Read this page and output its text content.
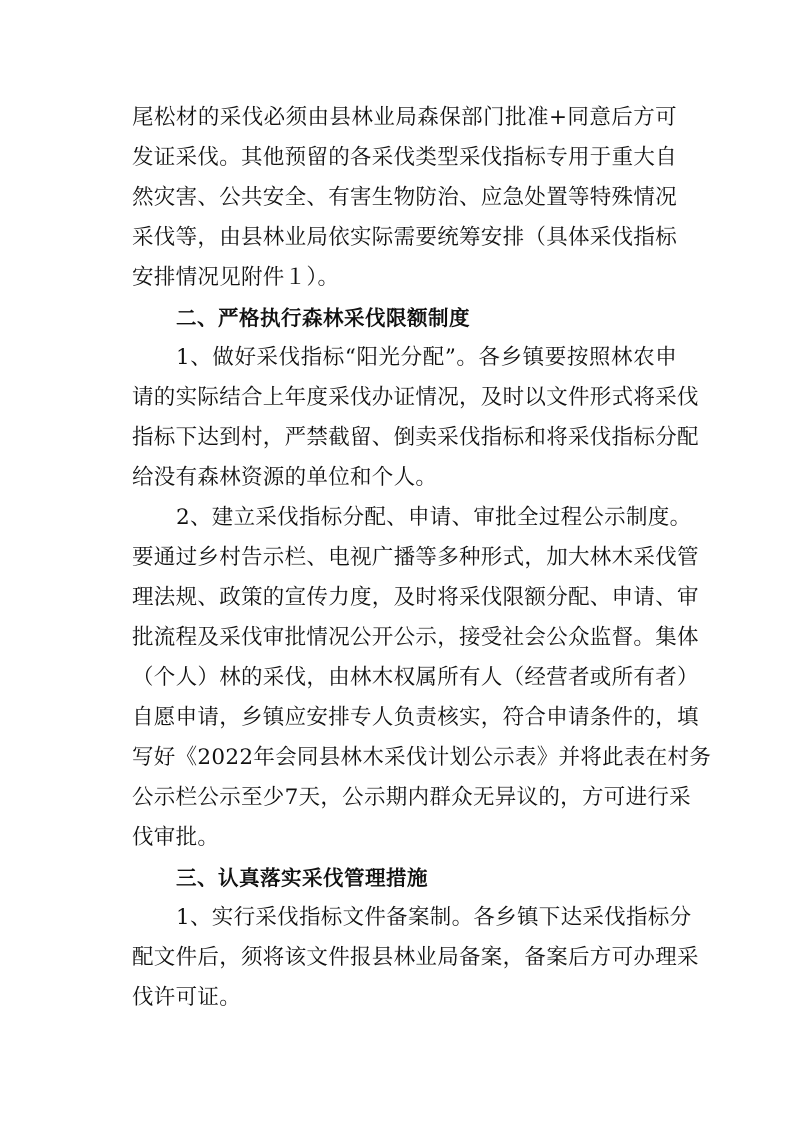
尾松材的采伐必须由县林业局森保部门批准+同意后方可
发证采伐。其他预留的各采伐类型采伐指标专用于重大自
然灾害、公共安全、有害生物防治、应急处置等特殊情况
采伐等，由县林业局依实际需要统筹安排（具体采伐指标
安排情况见附件１）。
二、严格执行森林采伐限额制度
1、做好采伐指标“阳光分配”。各乡镇要按照林农申
请的实际结合上年度采伐办证情况，及时以文件形式将采伐
指标下达到村，严禁截留、倒卖采伐指标和将采伐指标分配
给没有森林资源的单位和个人。
2、建立采伐指标分配、申请、审批全过程公示制度。
要通过乡村告示栏、电视广播等多种形式，加大林木采伐管
理法规、政策的宣传力度，及时将采伐限额分配、申请、审
批流程及采伐审批情况公开公示，接受社会公众监督。集体
（个人）林的采伐，由林木权属所有人（经营者或所有者）
自愿申请，乡镇应安排专人负责核实，符合申请条件的，填
写好《2022年会同县林木采伐计划公示表》并将此表在村务
公示栏公示至少7天，公示期内群众无异议的，方可进行采
伐审批。
三、认真落实采伐管理措施
1、实行采伐指标文件备案制。各乡镇下达采伐指标分
配文件后，须将该文件报县林业局备案，备案后方可办理采
伐许可证。
